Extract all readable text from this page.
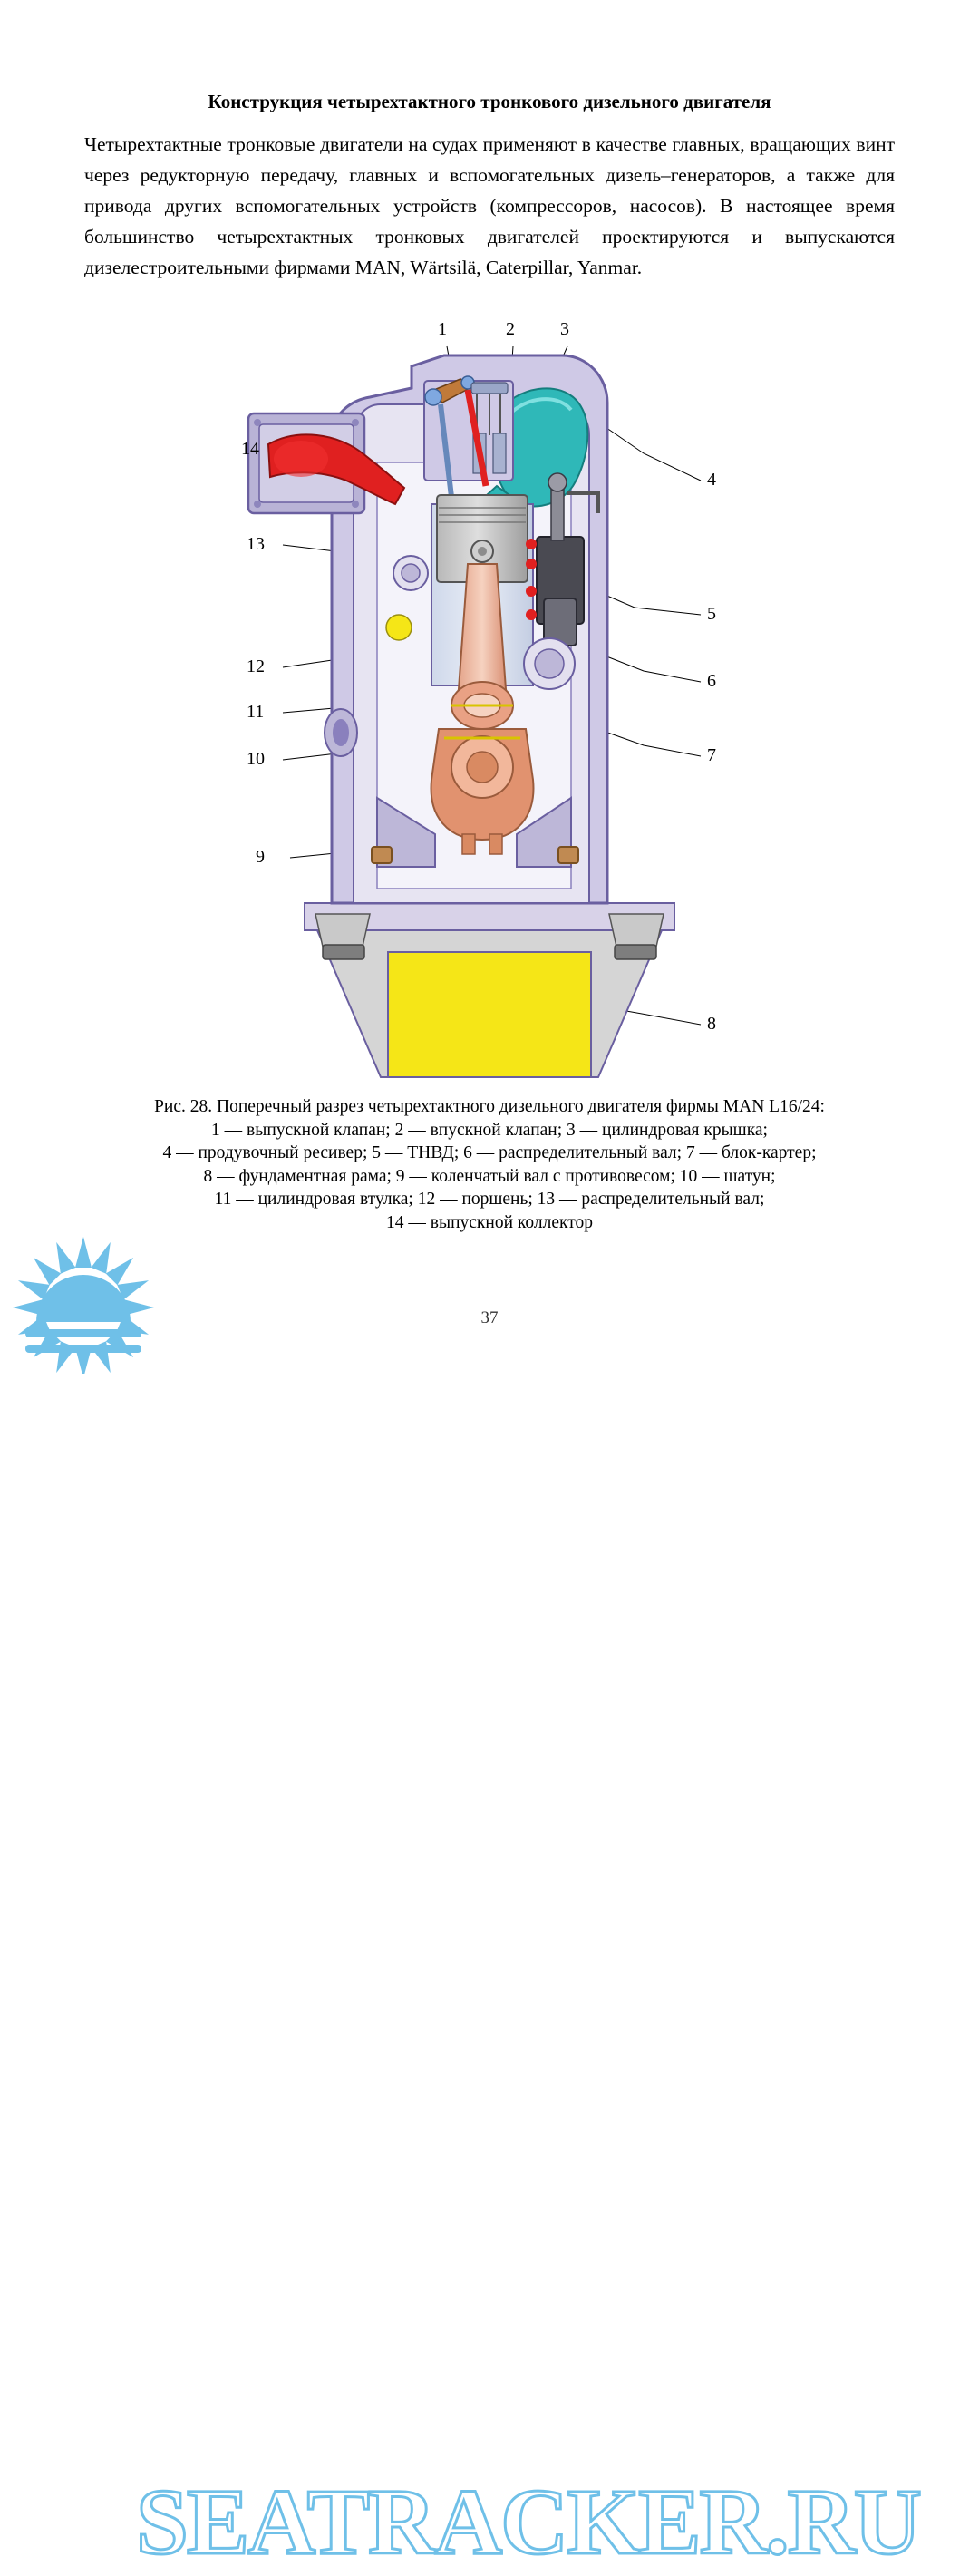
Конструкция четырехтактного тронкового дизельного двигателя

Четырехтактные тронковые двигатели на судах применяют в качестве главных, вращающих винт через редукторную передачу, главных и вспомогательных дизель–генераторов, а также для привода других вспомогательных устройств (компрессоров, насосов). В настоящее время большинство четырехтактных тронковых двигателей проектируются и выпускаются дизелестроительными фирмами MAN, Wärtsilä, Caterpillar, Yanmar.

1	2	3
4
5
6
7
8
9
10
11
12
13
14
Рис. 28. Поперечный разрез четырехтактного дизельного двигателя фирмы MAN L16/24:
1 — выпускной клапан; 2 — впускной клапан; 3 — цилиндровая крышка;
4 — продувочный ресивер; 5 — ТНВД; 6 — распределительный вал; 7 — блок-картер;
8 — фундаментная рама; 9 — коленчатый вал с противовесом; 10 — шатун;
11 — цилиндровая втулка; 12 — поршень; 13 — распределительный вал;
14 — выпускной коллектор
37
SEATRACKER.RU
